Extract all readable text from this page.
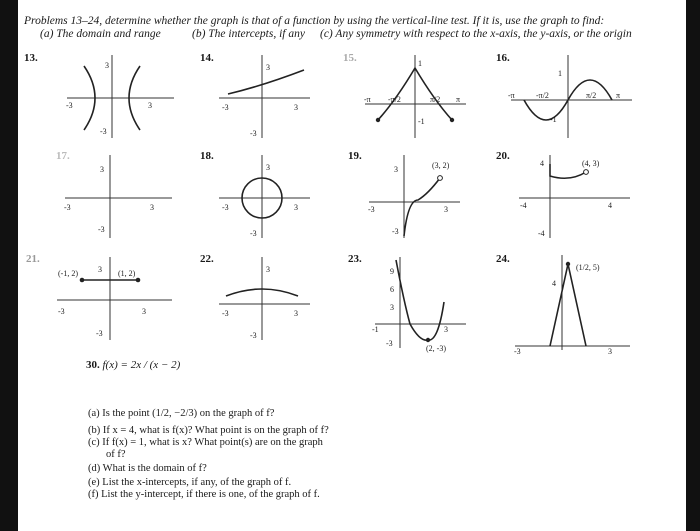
Problems 13–24, determine whether the graph is that of a function by using the vertical-line test. If it is, use the graph to find:
(a) The domain and range	(b) The intercepts, if any (c) Any symmetry with respect to the x-axis, the y-axis, or the origin
13.	14.	15.	16.
17.	18.	19.	20.
21.	22.	23.	24.
3
3
-3
-3
3
3
-3
-3
1
-1
π
-π	π/2
-π/2
1
-1
π
-π	π/2
-π/2
3
3
-3
-3
3
3
-3
-3
3
3
-3
-3
(3, 2)	4
4
-4
-4
(4, 3)
3
3
-3
-3
(-1, 2)	(1, 2)	3
3
-3
-3
9
6
3
-3
3
-1
(2, -3)
4
3
-3
(1/2, 5)
30. f(x) = 2x / (x − 2)
(a) Is the point (1/2, −2/3) on the graph of f?
(b) If x = 4, what is f(x)? What point is on the graph of f?
(c) If f(x) = 1, what is x? What point(s) are on the graph
of f?
(d) What is the domain of f?
(e) List the x-intercepts, if any, of the graph of f.
(f) List the y-intercept, if there is one, of the graph of f.
